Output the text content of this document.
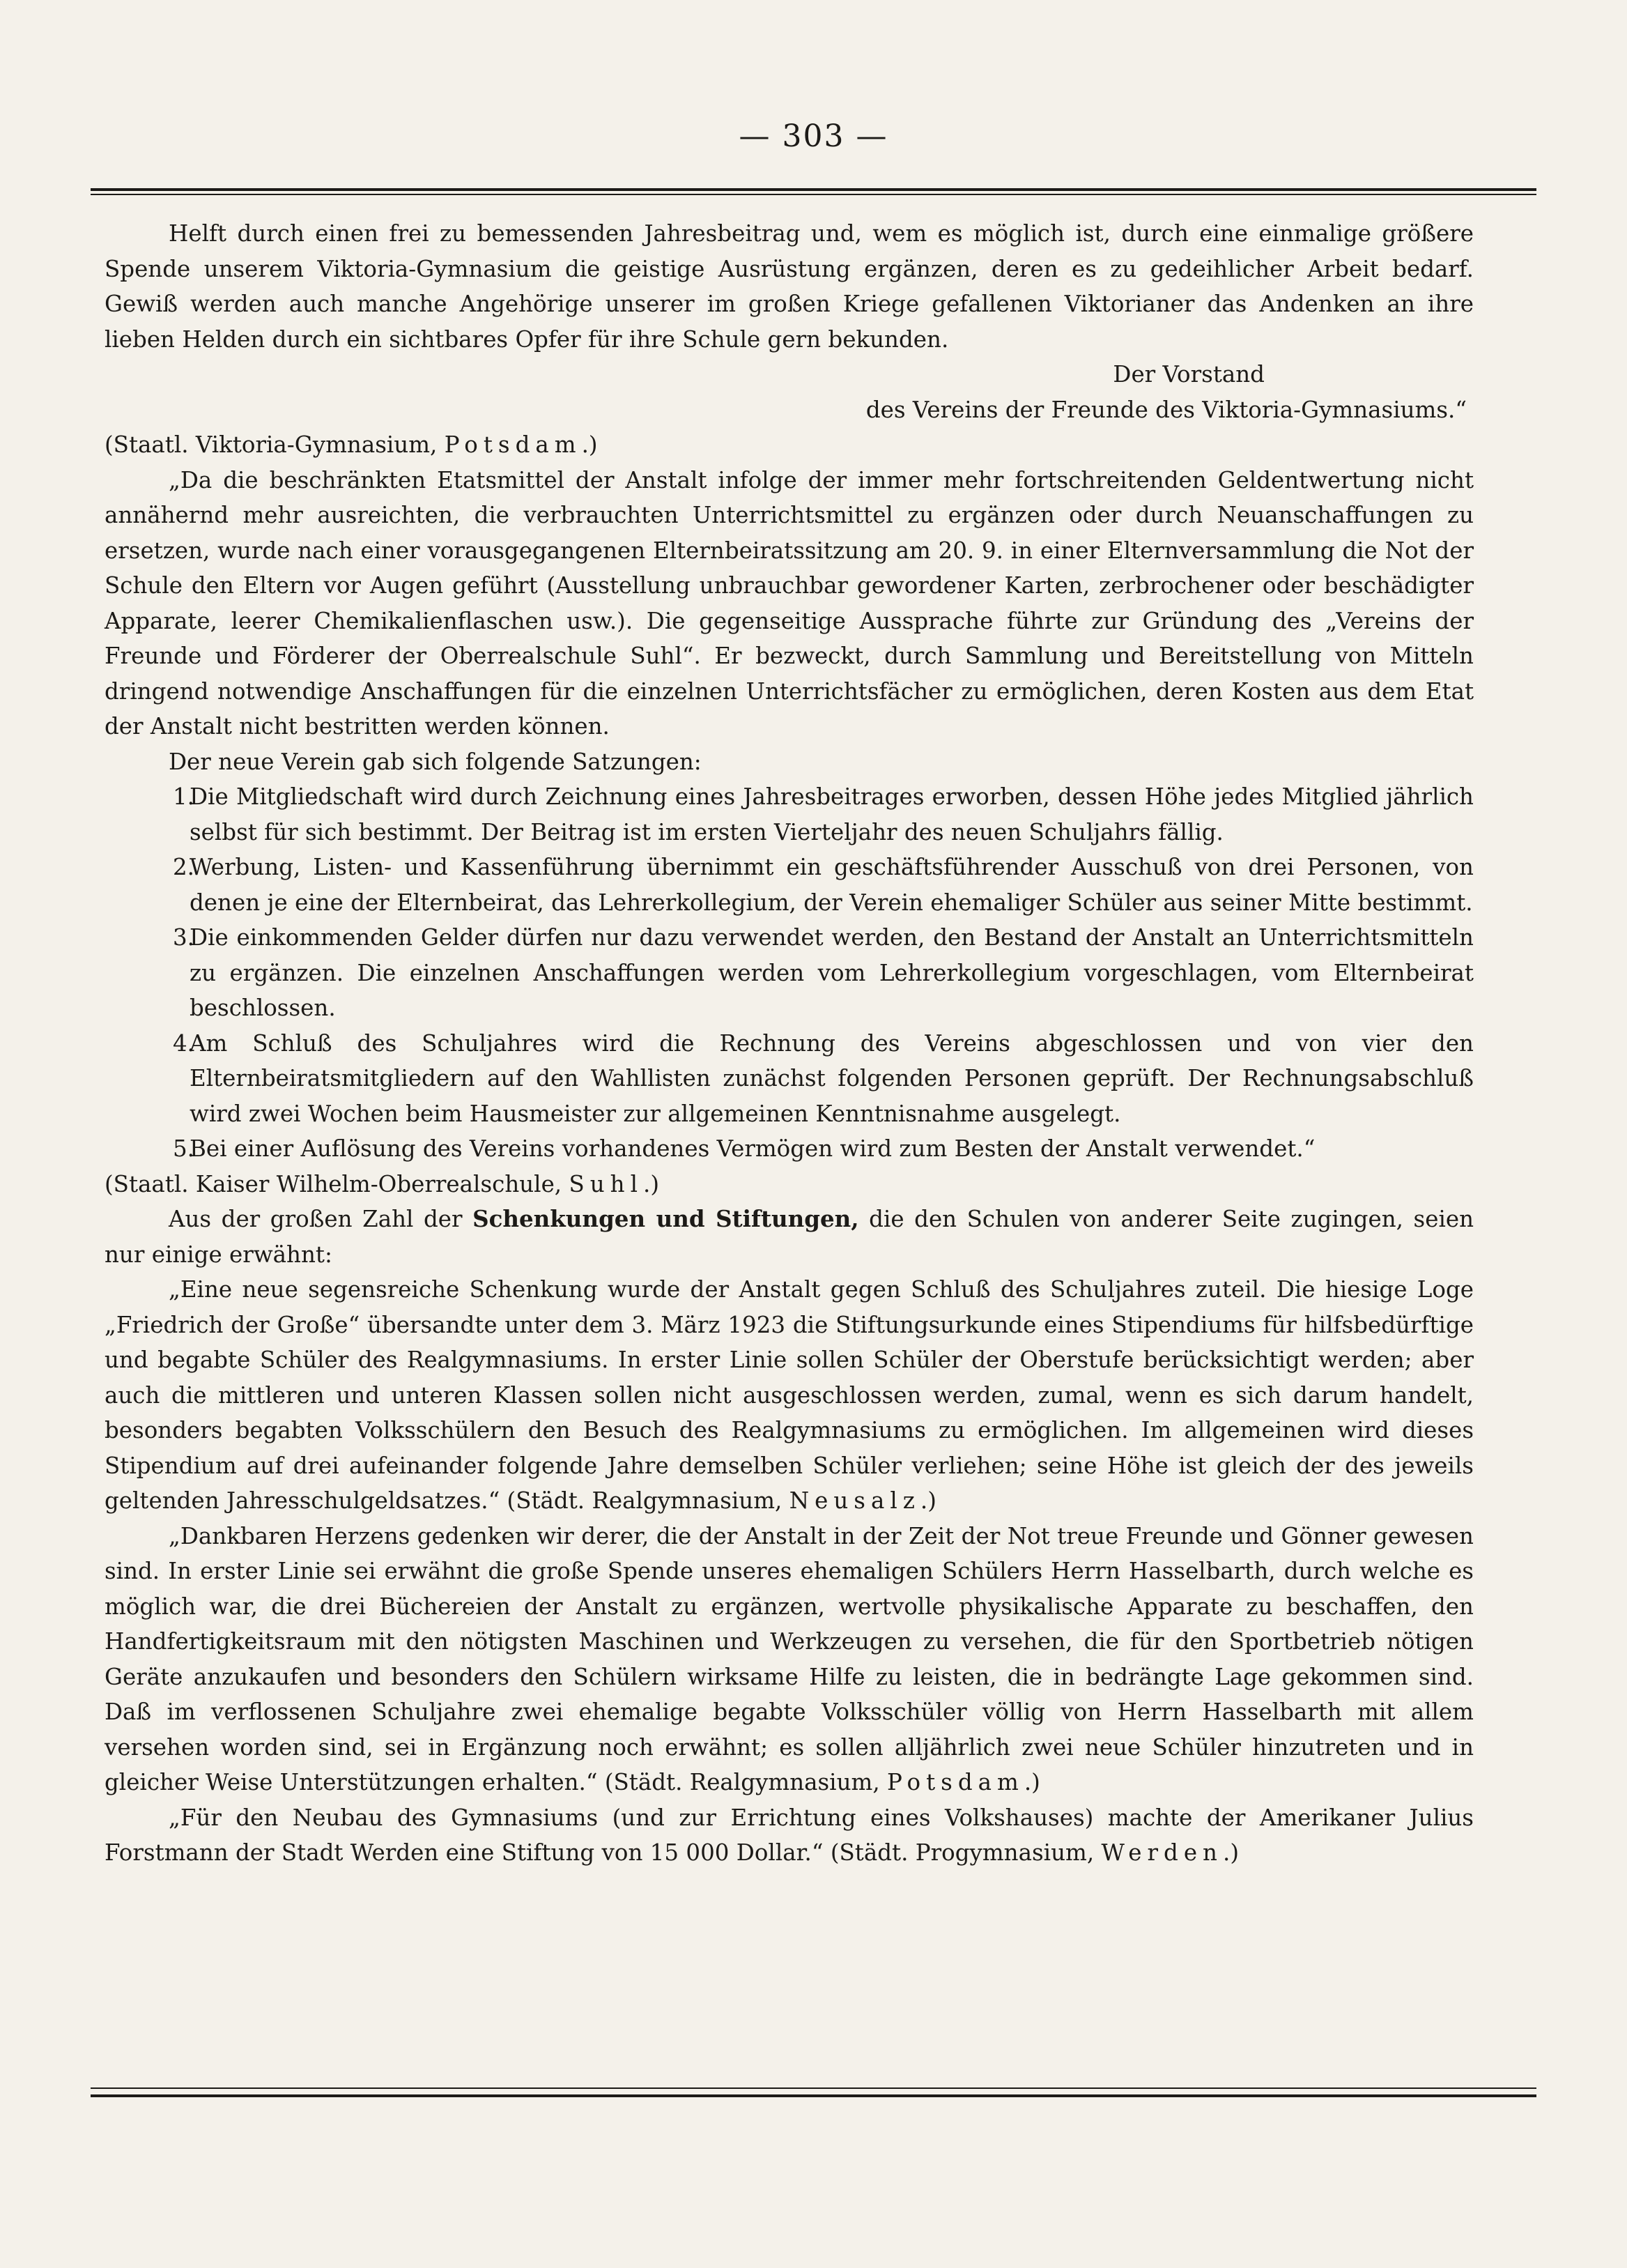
— 303 —

Helft durch einen frei zu bemessenden Jahresbeitrag und, wem es möglich ist, durch eine einmalige größere Spende unserem Viktoria-Gymnasium die geistige Ausrüstung ergänzen, deren es zu gedeihlicher Arbeit bedarf. Gewiß werden auch manche Angehörige unserer im großen Kriege gefallenen Viktorianer das Andenken an ihre lieben Helden durch ein sichtbares Opfer für ihre Schule gern bekunden.

Der Vorstand

des Vereins der Freunde des Viktoria-Gymnasiums.“

(Staatl. Viktoria-Gymnasium, Potsdam.)

„Da die beschränkten Etatsmittel der Anstalt infolge der immer mehr fortschreitenden Geldentwertung nicht annähernd mehr ausreichten, die verbrauchten Unterrichtsmittel zu ergänzen oder durch Neuanschaffungen zu ersetzen, wurde nach einer vorausgegangenen Elternbeiratssitzung am 20. 9. in einer Elternversammlung die Not der Schule den Eltern vor Augen geführt (Ausstellung unbrauchbar gewordener Karten, zerbrochener oder beschädigter Apparate, leerer Chemikalienflaschen usw.). Die gegenseitige Aussprache führte zur Gründung des „Vereins der Freunde und Förderer der Oberrealschule Suhl“. Er bezweckt, durch Sammlung und Bereitstellung von Mitteln dringend notwendige Anschaffungen für die einzelnen Unterrichtsfächer zu ermöglichen, deren Kosten aus dem Etat der Anstalt nicht bestritten werden können.

Der neue Verein gab sich folgende Satzungen:

1.
Die Mitgliedschaft wird durch Zeichnung eines Jahresbeitrages erworben, dessen Höhe jedes Mitglied jährlich selbst für sich bestimmt. Der Beitrag ist im ersten Vierteljahr des neuen Schuljahrs fällig.
2.
Werbung, Listen- und Kassenführung übernimmt ein geschäftsführender Ausschuß von drei Personen, von denen je eine der Elternbeirat, das Lehrerkollegium, der Verein ehemaliger Schüler aus seiner Mitte bestimmt.
3.
Die einkommenden Gelder dürfen nur dazu verwendet werden, den Bestand der Anstalt an Unterrichtsmitteln zu ergänzen. Die einzelnen Anschaffungen werden vom Lehrerkollegium vorgeschlagen, vom Elternbeirat beschlossen.
4.
Am Schluß des Schuljahres wird die Rechnung des Vereins abgeschlossen und von vier den Elternbeiratsmitgliedern auf den Wahllisten zunächst folgenden Personen geprüft. Der Rechnungsabschluß wird zwei Wochen beim Hausmeister zur allgemeinen Kenntnisnahme ausgelegt.
5.
Bei einer Auflösung des Vereins vorhandenes Vermögen wird zum Besten der Anstalt verwendet.“

(Staatl. Kaiser Wilhelm-Oberrealschule, Suhl.)

Aus der großen Zahl der Schenkungen und Stiftungen, die den Schulen von anderer Seite zugingen, seien nur einige erwähnt:

„Eine neue segensreiche Schenkung wurde der Anstalt gegen Schluß des Schuljahres zuteil. Die hiesige Loge „Friedrich der Große“ übersandte unter dem 3. März 1923 die Stiftungsurkunde eines Stipendiums für hilfsbedürftige und begabte Schüler des Realgymnasiums. In erster Linie sollen Schüler der Oberstufe berücksichtigt werden; aber auch die mittleren und unteren Klassen sollen nicht ausgeschlossen werden, zumal, wenn es sich darum handelt, besonders begabten Volksschülern den Besuch des Realgymnasiums zu ermöglichen. Im allgemeinen wird dieses Stipendium auf drei aufeinander folgende Jahre demselben Schüler verliehen; seine Höhe ist gleich der des jeweils geltenden Jahresschulgeldsatzes.“ (Städt. Realgymnasium, Neusalz.)

„Dankbaren Herzens gedenken wir derer, die der Anstalt in der Zeit der Not treue Freunde und Gönner gewesen sind. In erster Linie sei erwähnt die große Spende unseres ehemaligen Schülers Herrn Hasselbarth, durch welche es möglich war, die drei Büchereien der Anstalt zu ergänzen, wertvolle physikalische Apparate zu beschaffen, den Handfertigkeitsraum mit den nötigsten Maschinen und Werkzeugen zu versehen, die für den Sportbetrieb nötigen Geräte anzukaufen und besonders den Schülern wirksame Hilfe zu leisten, die in bedrängte Lage gekommen sind. Daß im verflossenen Schuljahre zwei ehemalige begabte Volksschüler völlig von Herrn Hasselbarth mit allem versehen worden sind, sei in Ergänzung noch erwähnt; es sollen alljährlich zwei neue Schüler hinzutreten und in gleicher Weise Unterstützungen erhalten.“ (Städt. Realgymnasium, Potsdam.)

„Für den Neubau des Gymnasiums (und zur Errichtung eines Volkshauses) machte der Amerikaner Julius Forstmann der Stadt Werden eine Stiftung von 15 000 Dollar.“ (Städt. Progymnasium, Werden.)
